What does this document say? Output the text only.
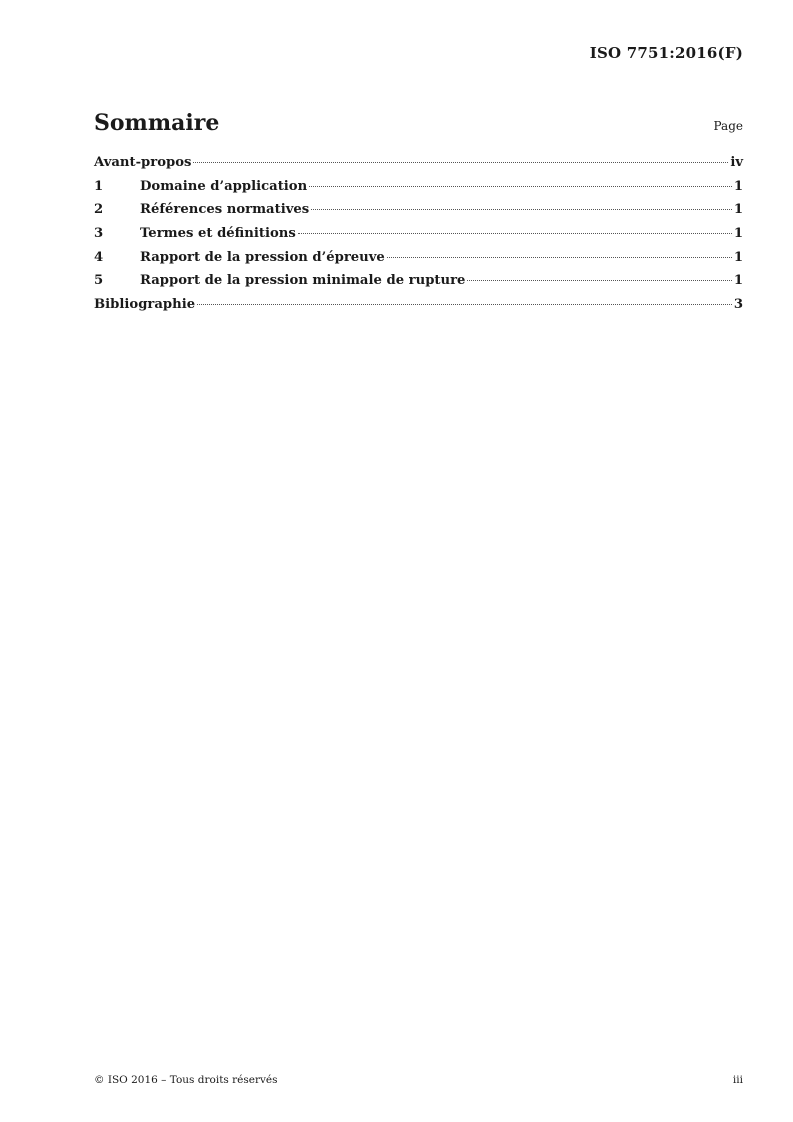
ISO 7751:2016(F)
Sommaire	Page
Avant-propos	iv
1	Domaine d’application	1
2	Références normatives	1
3	Termes et définitions	1
4	Rapport de la pression d’épreuve	1
5	Rapport de la pression minimale de rupture	1
Bibliographie	3
© ISO 2016 – Tous droits réservés	iii
